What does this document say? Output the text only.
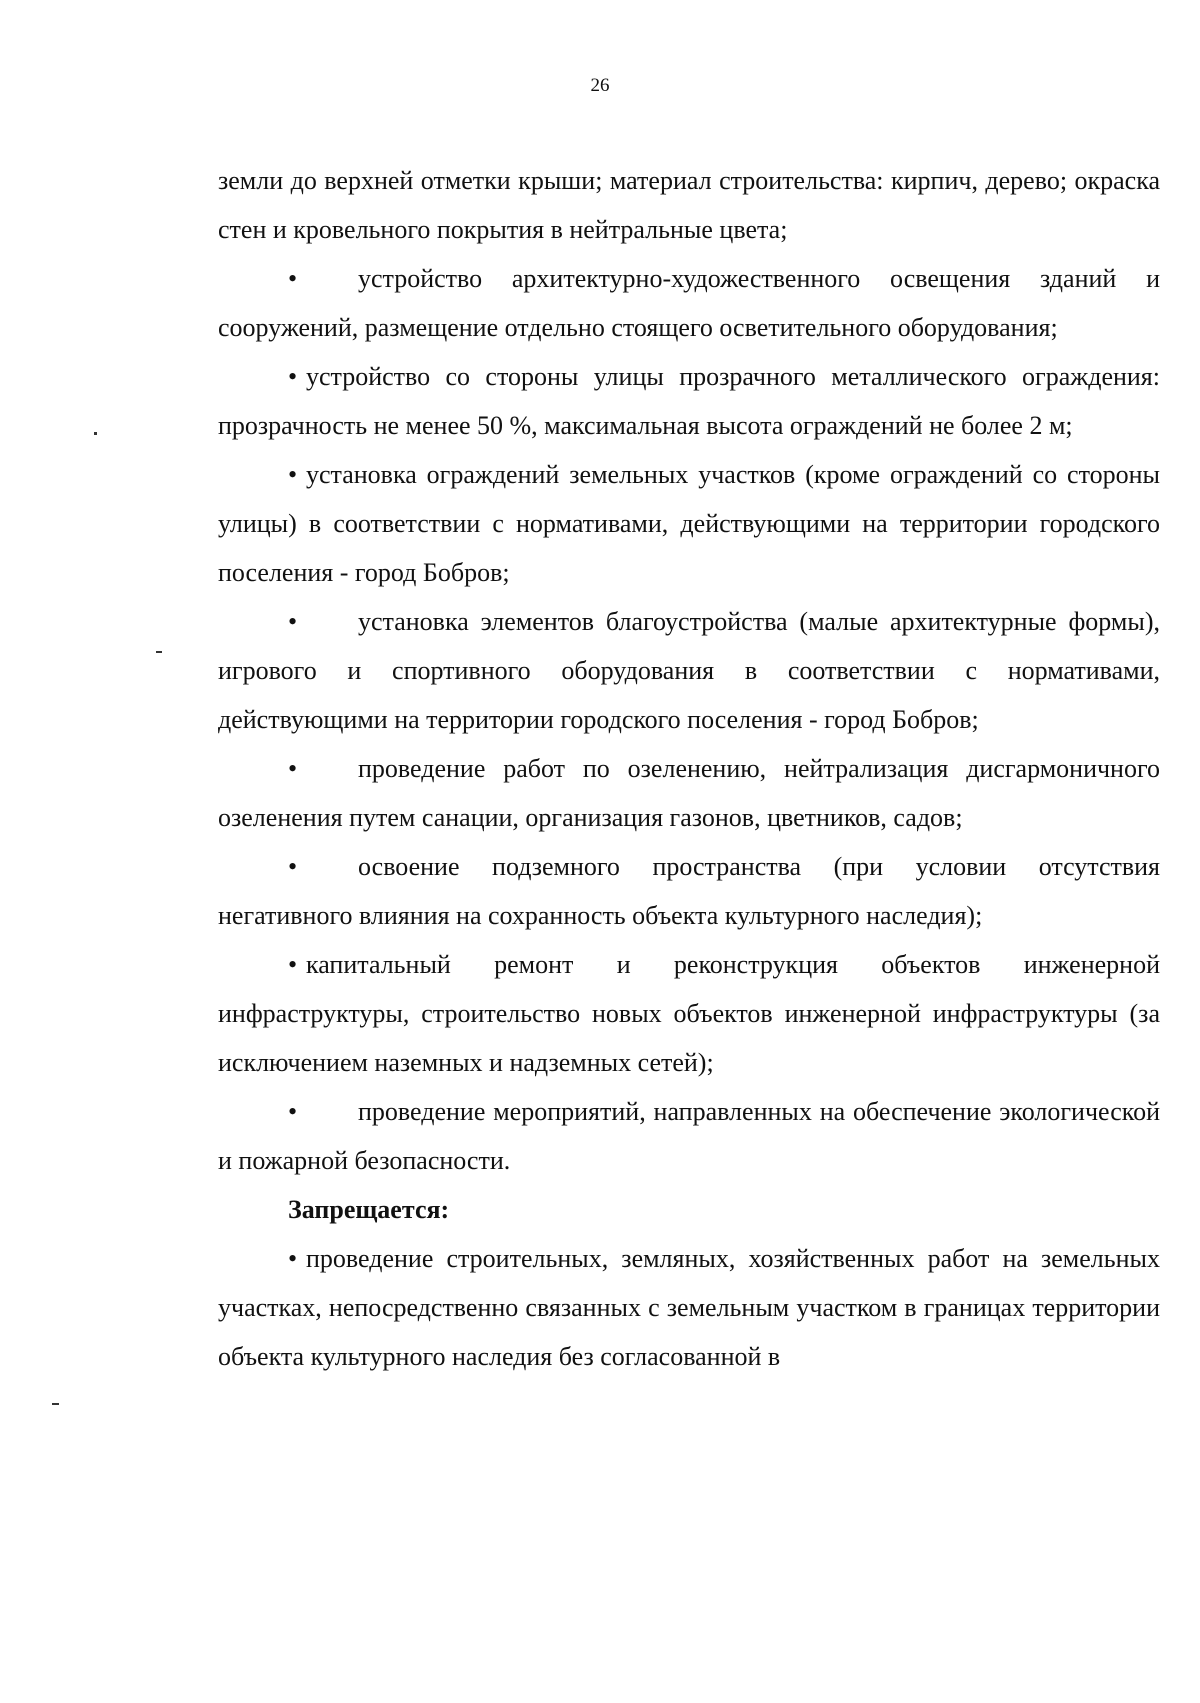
26

земли до верхней отметки крыши; материал строительства: кирпич, дерево; окраска стен и кровельного покрытия в нейтральные цвета;

• устройство архитектурно-художественного освещения зданий и сооружений, размещение отдельно стоящего осветительного оборудования;

• устройство со стороны улицы прозрачного металлического ограждения: прозрачность не менее 50 %, максимальная высота ограждений не более 2 м;

• установка ограждений земельных участков (кроме ограждений со стороны улицы) в соответствии с нормативами, действующими на территории городского поселения - город Бобров;

• установка элементов благоустройства (малые архитектурные формы), игрового и спортивного оборудования в соответствии с нормативами, действующими на территории городского поселения - город Бобров;

• проведение работ по озеленению, нейтрализация дисгармоничного озеленения путем санации, организация газонов, цветников, садов;

• освоение подземного пространства (при условии отсутствия негативного влияния на сохранность объекта культурного наследия);

• капитальный ремонт и реконструкция объектов инженерной инфраструктуры, строительство новых объектов инженерной инфраструктуры (за исключением наземных и надземных сетей);

• проведение мероприятий, направленных на обеспечение экологической и пожарной безопасности.

Запрещается:

• проведение строительных, земляных, хозяйственных работ на земельных участках, непосредственно связанных с земельным участком в границах территории объекта культурного наследия без согласованной в
